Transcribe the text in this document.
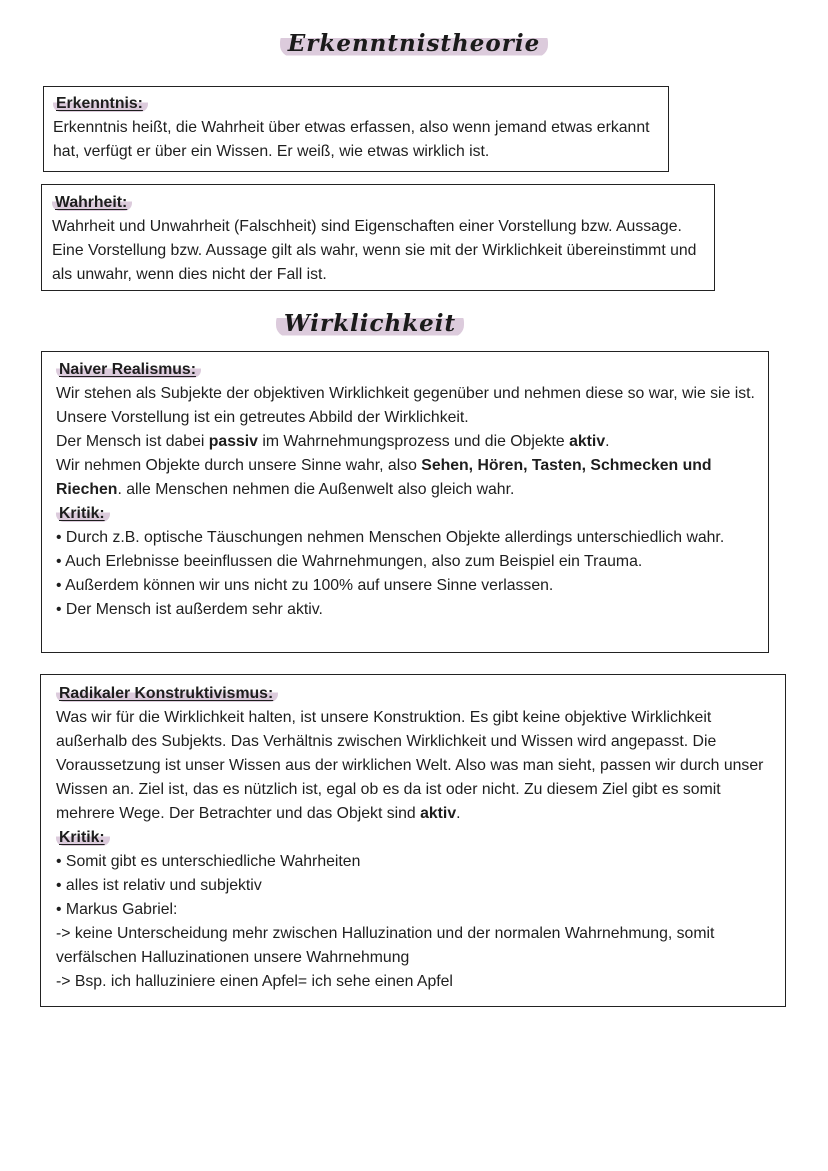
Erkenntnistheorie

Erkenntnis:

Erkenntnis heißt, die Wahrheit über etwas erfassen, also wenn jemand etwas erkannt hat, verfügt er über ein Wissen. Er weiß, wie etwas wirklich ist.

Wahrheit:

Wahrheit und Unwahrheit (Falschheit) sind Eigenschaften einer Vorstellung bzw. Aussage. Eine Vorstellung bzw. Aussage gilt als wahr, wenn sie mit der Wirklichkeit übereinstimmt und als unwahr, wenn dies nicht der Fall ist.

Wirklichkeit

Naiver Realismus:

Wir stehen als Subjekte der objektiven Wirklichkeit gegenüber und nehmen diese so war, wie sie ist. Unsere Vorstellung ist ein getreutes Abbild der Wirklichkeit.

Der Mensch ist dabei passiv im Wahrnehmungsprozess und die Objekte aktiv.

Wir nehmen Objekte durch unsere Sinne wahr, also Sehen, Hören, Tasten, Schmecken und Riechen. alle Menschen nehmen die Außenwelt also gleich wahr.

Kritik:

• Durch z.B. optische Täuschungen nehmen Menschen Objekte allerdings unterschiedlich wahr.

• Auch Erlebnisse beeinflussen die Wahrnehmungen, also zum Beispiel ein Trauma.

• Außerdem können wir uns nicht zu 100% auf unsere Sinne verlassen.

• Der Mensch ist außerdem sehr aktiv.

Radikaler Konstruktivismus:

Was wir für die Wirklichkeit halten, ist unsere Konstruktion. Es gibt keine objektive Wirklichkeit außerhalb des Subjekts. Das Verhältnis zwischen Wirklichkeit und Wissen wird angepasst. Die Voraussetzung ist unser Wissen aus der wirklichen Welt. Also was man sieht, passen wir durch unser Wissen an. Ziel ist, das es nützlich ist, egal ob es da ist oder nicht. Zu diesem Ziel gibt es somit mehrere Wege. Der Betrachter und das Objekt sind aktiv.

Kritik:

• Somit gibt es unterschiedliche Wahrheiten

• alles ist relativ und subjektiv

• Markus Gabriel:

-> keine Unterscheidung mehr zwischen Halluzination und der normalen Wahrnehmung, somit verfälschen Halluzinationen unsere Wahrnehmung

-> Bsp. ich halluziniere einen Apfel= ich sehe einen Apfel
